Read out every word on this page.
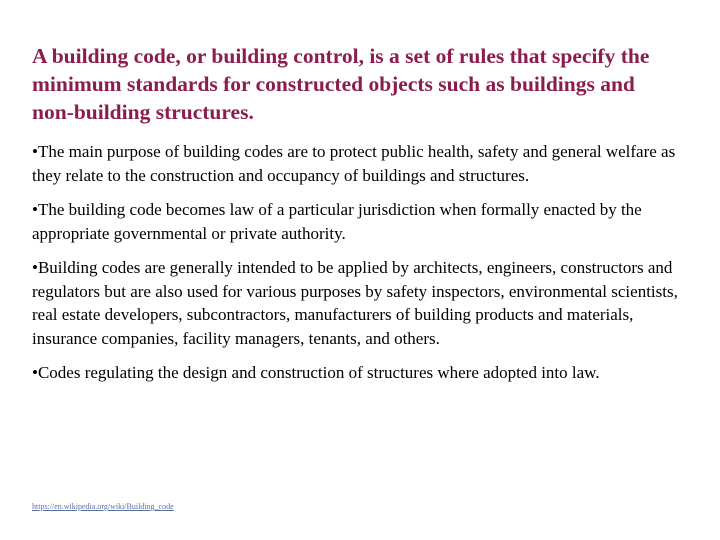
A building code, or building control, is a set of rules that specify the
minimum standards for constructed objects such as buildings and
non-building structures.
•The main purpose of building codes are to protect public health, safety and general welfare as they relate to the construction and occupancy of buildings and structures.
•The building code becomes law of a particular jurisdiction when formally enacted by the appropriate governmental or private authority.
•Building codes are generally intended to be applied by architects, engineers, constructors and regulators but are also used for various purposes by safety inspectors, environmental scientists, real estate developers, subcontractors, manufacturers of building products and materials, insurance companies, facility managers, tenants, and others.
•Codes regulating the design and construction of structures where adopted into law.
https://en.wikipedia.org/wiki/Building_code
